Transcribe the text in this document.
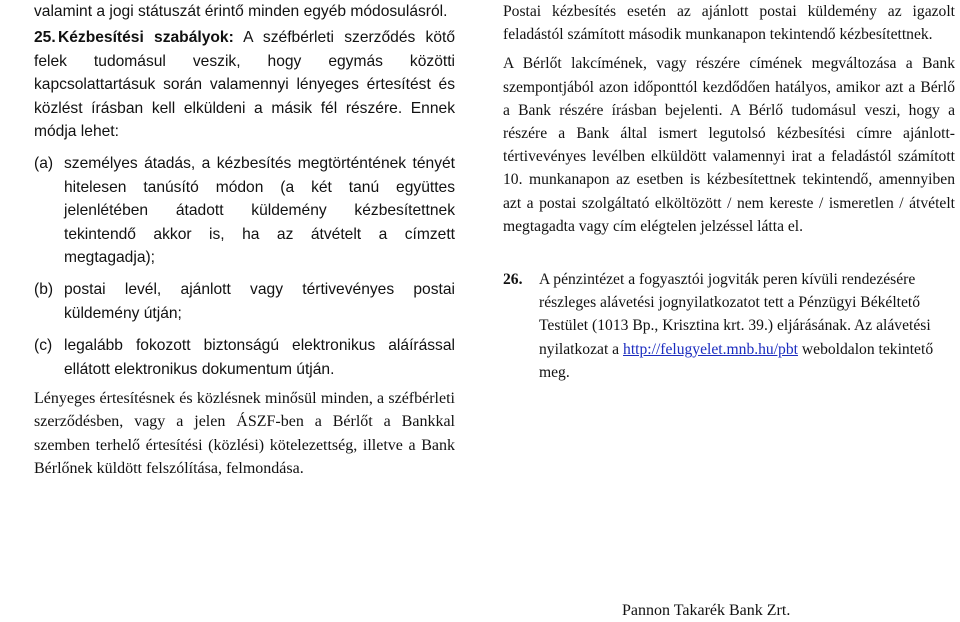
valamint a jogi státuszát érintő minden egyéb módosulásról.

25. Kézbesítési szabályok: A széfbérleti szerződés kötő felek tudomásul veszik, hogy egymás közötti kapcsolattartásuk során valamennyi lényeges értesítést és közlést írásban kell elküldeni a másik fél részére. Ennek módja lehet:

(a) személyes átadás, a kézbesítés megtörténtének tényét hitelesen tanúsító módon (a két tanú együttes jelenlétében átadott küldemény kézbesítettnek tekintendő akkor is, ha az átvételt a címzett megtagadja);
(b) postai levél, ajánlott vagy tértivevényes postai küldemény útján;
(c) legalább fokozott biztonságú elektronikus aláírással ellátott elektronikus dokumentum útján.

Lényeges értesítésnek és közlésnek minősül minden, a széfbérleti szerződésben, vagy a jelen ÁSZF-ben a Bérlőt a Bankkal szemben terhelő értesítési (közlési) kötelezettség, illetve a Bank Bérlőnek küldött felszólítása, felmondása.

Postai kézbesítés esetén az ajánlott postai küldemény az igazolt feladástól számított második munkanapon tekintendő kézbesítettnek.

A Bérlőt lakcímének, vagy részére címének megváltozása a Bank szempontjából azon időponttól kezdődően hatályos, amikor azt a Bérlő a Bank részére írásban bejelenti. A Bérlő tudomásul veszi, hogy a részére a Bank által ismert legutolsó kézbesítési címre ajánlott-tértivevényes levélben elküldött valamennyi irat a feladástól számított 10. munkanapon az esetben is kézbesítettnek tekintendő, amennyiben azt a postai szolgáltató elköltözött / nem kereste / ismeretlen / átvételt megtagadta vagy cím elégtelen jelzéssel látta el.

26.	A pénzintézet a fogyasztói jogviták peren kívüli rendezésére részleges alávetési jognyilatkozatot tett a Pénzügyi Békéltető Testület (1013 Bp., Krisztina krt. 39.) eljárásának. Az alávetési nyilatkozat a http://felugyelet.mnb.hu/pbt weboldalon tekintető meg.
Pannon Takarék Bank Zrt.
